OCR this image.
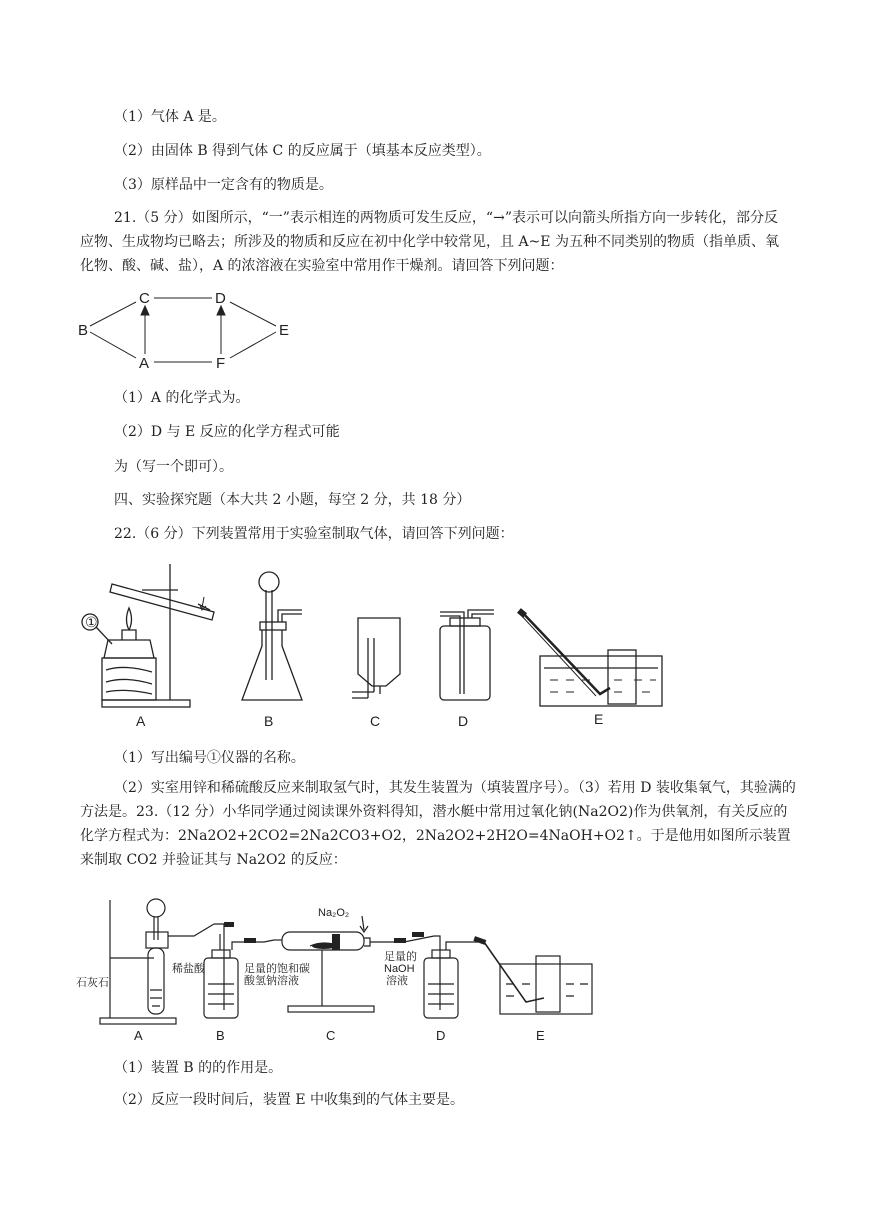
（1）气体 A 是。
（2）由固体 B 得到气体 C 的反应属于（填基本反应类型）。
（3）原样品中一定含有的物质是。
21.（5 分）如图所示，“一”表示相连的两物质可发生反应，“→”表示可以向箭头所指方向一步转化，部分反应物、生成物均已略去；所涉及的物质和反应在初中化学中较常见，且 A~E 为五种不同类别的物质（指单质、氧化物、酸、碱、盐），A 的浓溶液在实验室中常用作干燥剂。请回答下列问题：
C	D
B	E
A	F
（1）A 的化学式为。
（2）D 与 E 反应的化学方程式可能
为（写一个即可）。
四、实验探究题（本大共 2 小题，每空 2 分，共 18 分）
22.（6 分）下列装置常用于实验室制取气体，请回答下列问题：
①
A	B	C	D	E
（1）写出编号①仪器的名称。
（2）实室用锌和稀硫酸反应来制取氢气时，其发生装置为（填装置序号）。（3）若用 D 装收集氧气，其验满的方法是。23.（12 分）小华同学通过阅读课外资料得知，潜水艇中常用过氧化钠(Na2O2)作为供氧剂，有关反应的化学方程式为：2Na2O2+2CO2=2Na2CO3+O2，2Na2O2+2H2O=4NaOH+O2↑。于是他用如图所示装置来制取 CO2 并验证其与 Na2O2 的反应：
石灰石
稀盐酸	足量的饱和碳
酸氢钠溶液
Na₂O₂
足量的
NaOH
溶液
A	B	C	D	E
（1）装置 B 的的作用是。
（2）反应一段时间后，装置 E 中收集到的气体主要是。
